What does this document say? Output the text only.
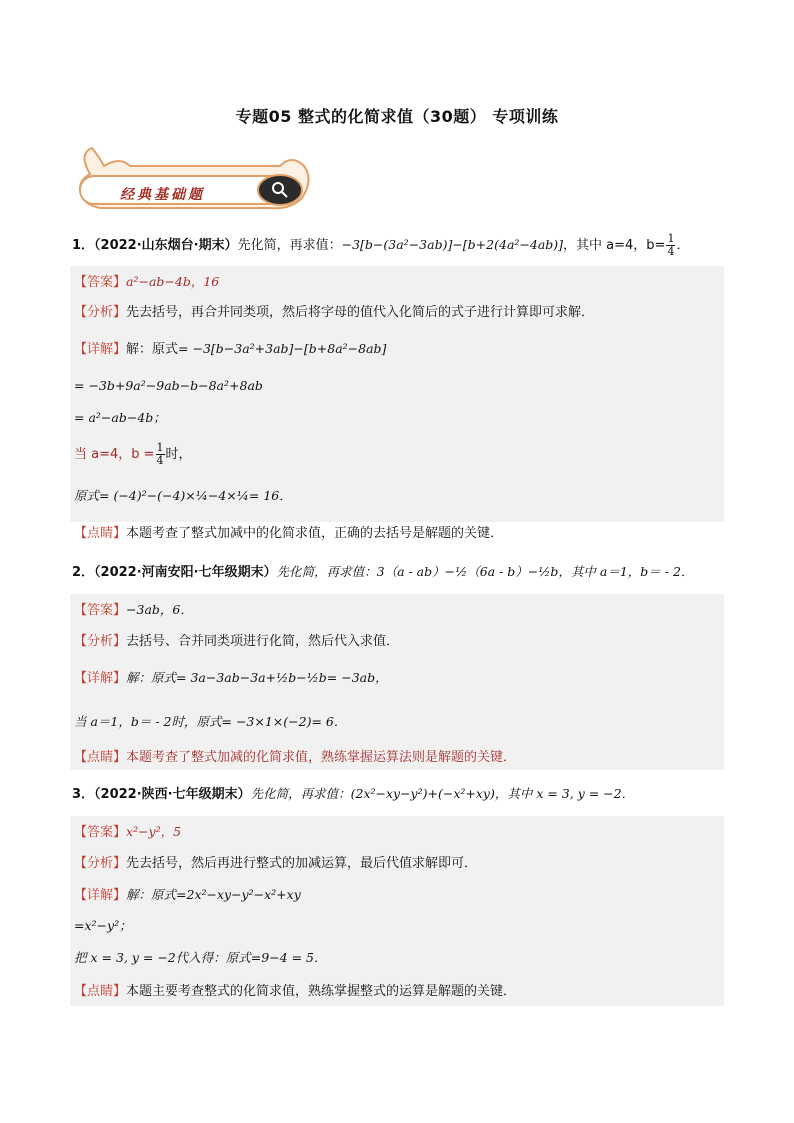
专题05 整式的化简求值（30题） 专项训练
经典基础题
1．（2022·山东烟台·期末）先化简，再求值：−3[b−(3a²−3ab)]−[b+2(4a²−4ab)]，其中 a=4，$b= \frac{1}{4}$ ．
【答案】a²−ab−4b，16
【分析】先去括号，再合并同类项，然后将字母的值代入化简后的式子进行计算即可求解．
【详解】解：原式= −3[b−3a²+3ab]−[b+8a²−8ab]
= −3b+9a²−9ab−b−8a²+8ab
= a²−ab−4b；
当 a=4，$b = \frac{1}{4}$ 时，
原式= (−4)²−(−4)×¼−4×¼= 16．
【点睛】本题考查了整式加减中的化简求值，正确的去括号是解题的关键．
2．（2022·河南安阳·七年级期末）先化简，再求值：3（a - ab）−½（6a - b）−½b，其中 a＝1，b＝ - 2．
【答案】−3ab，6．
【分析】去括号、合并同类项进行化简，然后代入求值．
【详解】解：原式= 3a−3ab−3a+½b−½b= −3ab，
当 a＝1，b＝ - 2时，原式= −3×1×(−2)= 6．
【点睛】本题考查了整式加减的化简求值，熟练掌握运算法则是解题的关键．
3．（2022·陕西·七年级期末）先化简，再求值：(2x²−xy−y²)+(−x²+xy)，其中 x = 3, y = −2．
【答案】x²−y²，5
【分析】先去括号，然后再进行整式的加减运算，最后代值求解即可．
【详解】解：原式=2x²−xy−y²−x²+xy
=x²−y²；
把 x = 3, y = −2代入得：原式=9−4 = 5．
【点睛】本题主要考查整式的化简求值，熟练掌握整式的运算是解题的关键．
